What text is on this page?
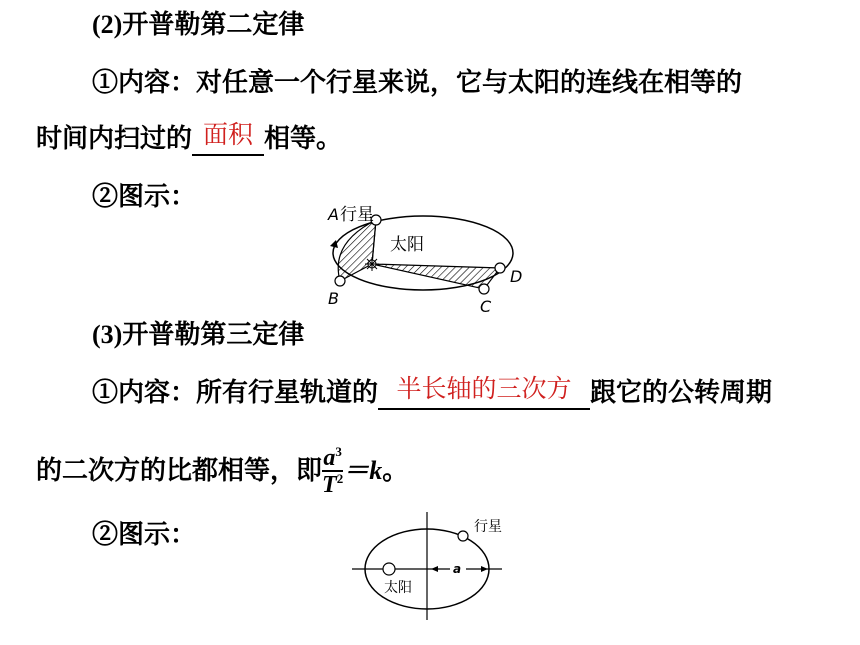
(2)开普勒第二定律
①内容：对任意一个行星来说，它与太阳的连线在相等的
时间内扫过的 面积 相等。
②图示：
A 行星
太阳
B	C
D
(3)开普勒第三定律
①内容：所有行星轨道的 半长轴的三次方 跟它的公转周期
的二次方的比都相等，即 $\frac{a^3}{T^2} =k$。
②图示：
a
行星
太阳
